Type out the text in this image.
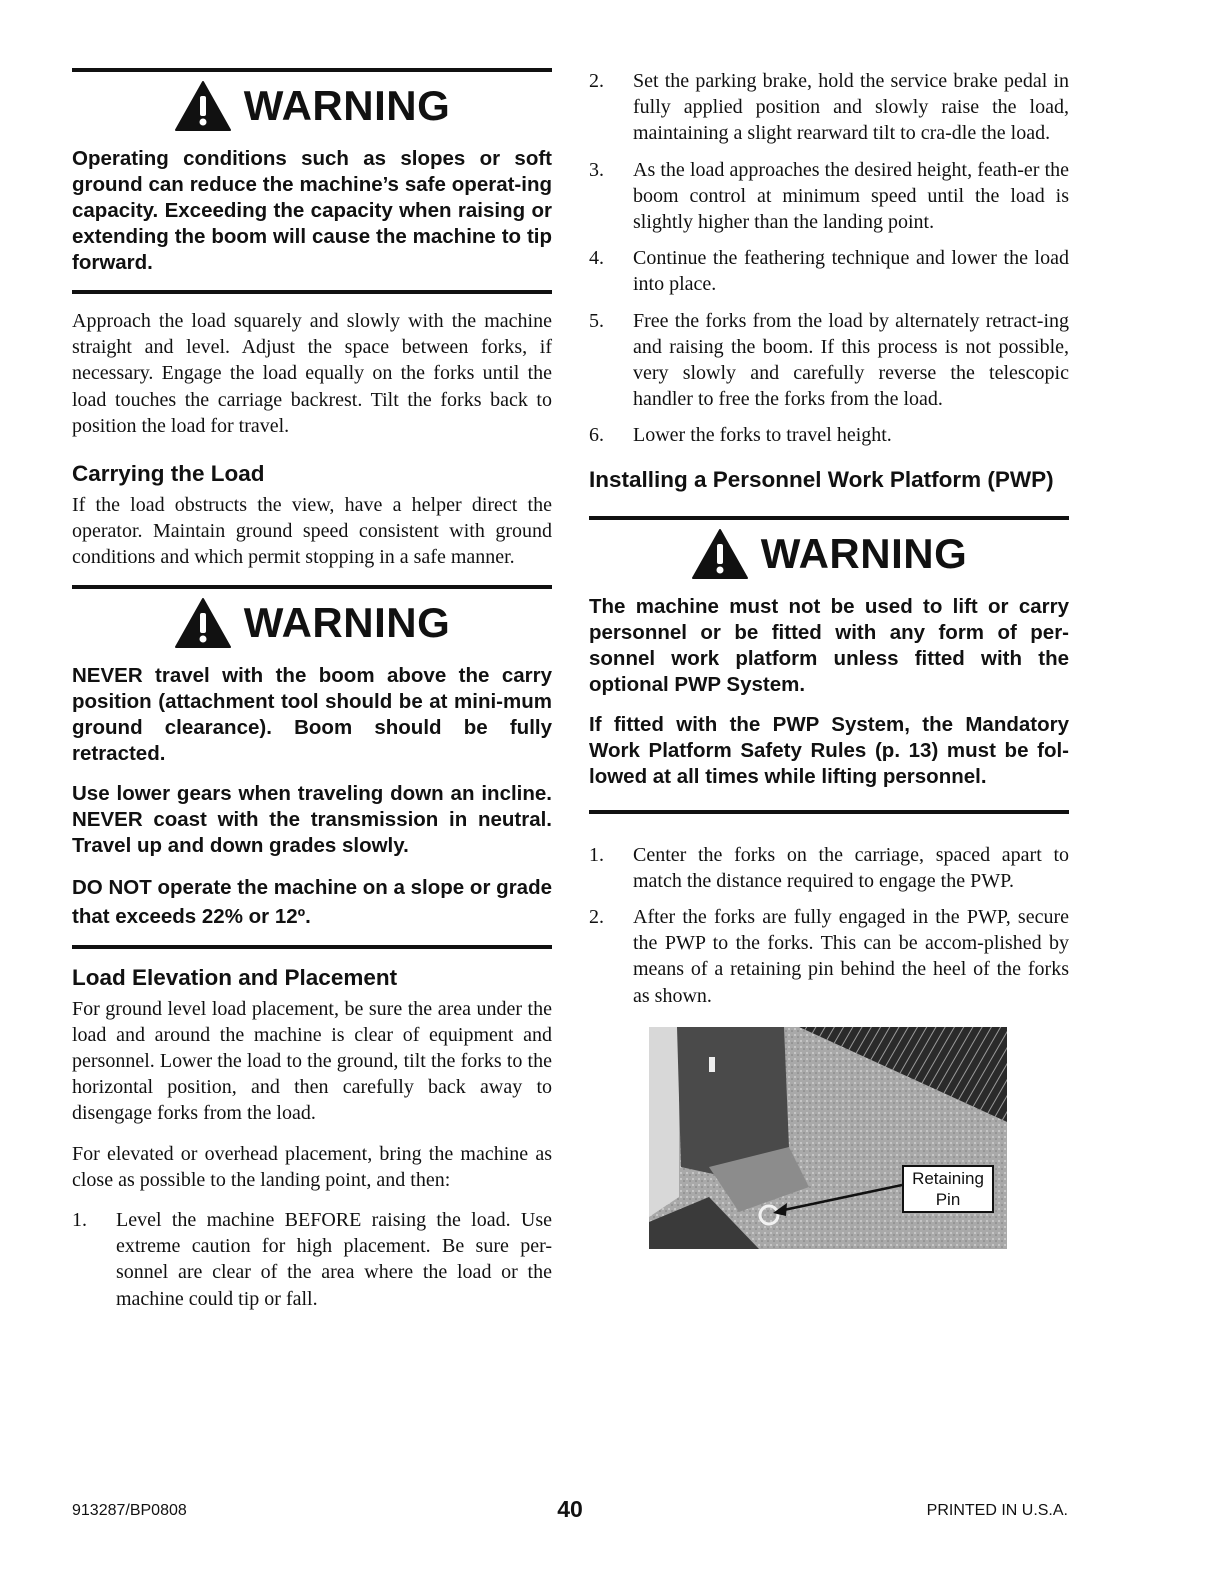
WARNING

Operating conditions such as slopes or soft ground can reduce the machine’s safe operat-ing capacity. Exceeding the capacity when raising or extending the boom will cause the machine to tip forward.

Approach the load squarely and slowly with the machine straight and level. Adjust the space between forks, if necessary. Engage the load equally on the forks until the load touches the carriage backrest. Tilt the forks back to position the load for travel.

Carrying the Load

If the load obstructs the view, have a helper direct the operator. Maintain ground speed consistent with ground conditions and which permit stopping in a safe manner.

WARNING

NEVER travel with the boom above the carry position (attachment tool should be at mini-mum ground clearance). Boom should be fully retracted.

Use lower gears when traveling down an incline. NEVER coast with the transmission in neutral. Travel up and down grades slowly.

DO NOT operate the machine on a slope or grade that exceeds 22% or 12º.

Load Elevation and Placement

For ground level load placement, be sure the area under the load and around the machine is clear of equipment and personnel. Lower the load to the ground, tilt the forks to the horizontal position, and then carefully back away to disengage forks from the load.

For elevated or overhead placement, bring the machine as close as possible to the landing point, and then:

1.	Level the machine BEFORE raising the load. Use extreme caution for high placement. Be sure per-sonnel are clear of the area where the load or the machine could tip or fall.
2.	Set the parking brake, hold the service brake pedal in fully applied position and slowly raise the load, maintaining a slight rearward tilt to cra-dle the load.
3.	As the load approaches the desired height, feath-er the boom control at minimum speed until the load is slightly higher than the landing point.
4.	Continue the feathering technique and lower the load into place.
5.	Free the forks from the load by alternately retract-ing and raising the boom. If this process is not possible, very slowly and carefully reverse the telescopic handler to free the forks from the load.
6.	Lower the forks to travel height.
Installing a Personnel Work Platform (PWP)
WARNING

The machine must not be used to lift or carry personnel or be fitted with any form of per-sonnel work platform unless fitted with the optional PWP System.

If fitted with the PWP System, the Mandatory Work Platform Safety Rules (p. 13) must be fol-lowed at all times while lifting personnel.

1.	Center the forks on the carriage, spaced apart to match the distance required to engage the PWP.
2.	After the forks are fully engaged in the PWP, secure the PWP to the forks. This can be accom-plished by means of a retaining pin behind the heel of the forks as shown.
Retaining
Pin
913287/BP0808	40	PRINTED IN U.S.A.
